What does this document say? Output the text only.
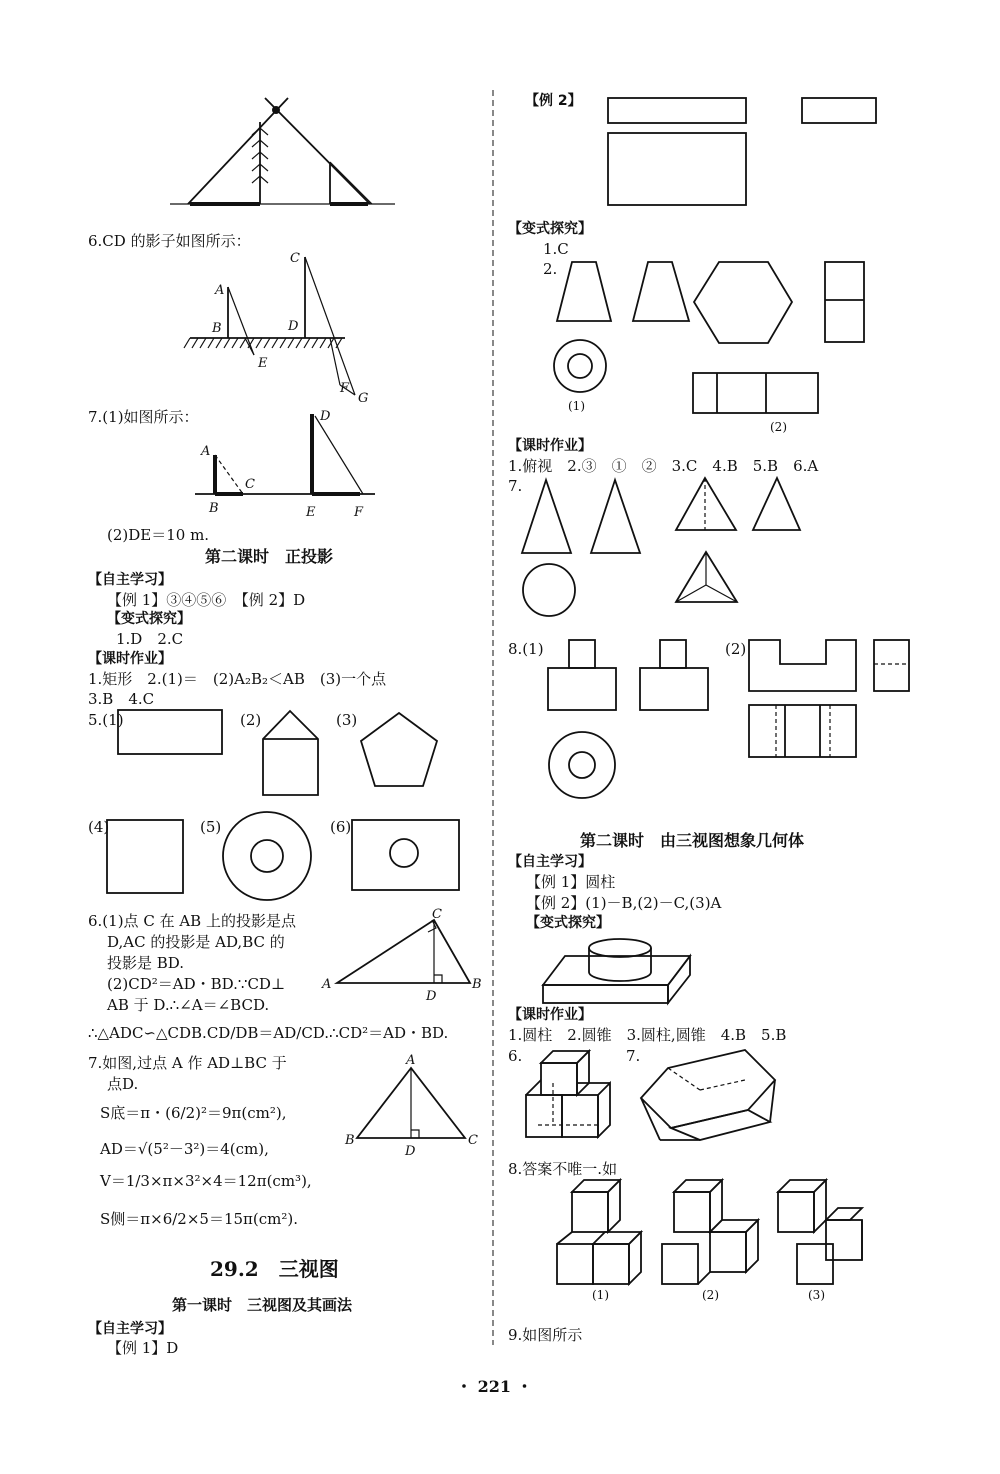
A
B
C
D
E
F
G
A
C
B
D
E	F
C
A	B
D
A
B	C
D
6.CD 的影子如图所示：
7.(1)如图所示：
(2)DE＝10 m.
第二课时　正投影
【自主学习】
【例 1】③④⑤⑥　【例 2】D
【变式探究】
1.D　2.C
【课时作业】
1.矩形　2.(1)＝　(2)A₂B₂＜AB　(3)一个点
3.B　4.C
5.(1)	(2)	(3)
(4)	(5)	(6)
6.(1)点 C 在 AB 上的投影是点
D,AC 的投影是 AD,BC 的
投影是 BD.
(2)CD²＝AD・BD.∵CD⊥
AB 于 D.∴∠A＝∠BCD.
∴△ADC∽△CDB.CD/DB＝AD/CD.∴CD²＝AD・BD.
7.如图,过点 A 作 AD⊥BC 于
点D.
S底＝π・(6/2)²＝9π(cm²),
AD＝√(5²－3²)＝4(cm),
V＝1/3×π×3²×4＝12π(cm³),
S侧＝π×6/2×5＝15π(cm²).
29.2　三视图
第一课时　三视图及其画法
【自主学习】
【例 1】D
【例 2】
【变式探究】
1.C
2.
(1)
(2)
【课时作业】
1.俯视　2.③　①　②　3.C　4.B　5.B　6.A
7.
8.(1)	(2)
第二课时　由三视图想象几何体
【自主学习】
【例 1】圆柱
【例 2】(1)－B,(2)－C,(3)A
【变式探究】
【课时作业】
1.圆柱　2.圆锥　3.圆柱,圆锥　4.B　5.B
6.	7.
8.答案不唯一.如
(1)	(2)	(3)
9.如图所示
・ 221 ・
